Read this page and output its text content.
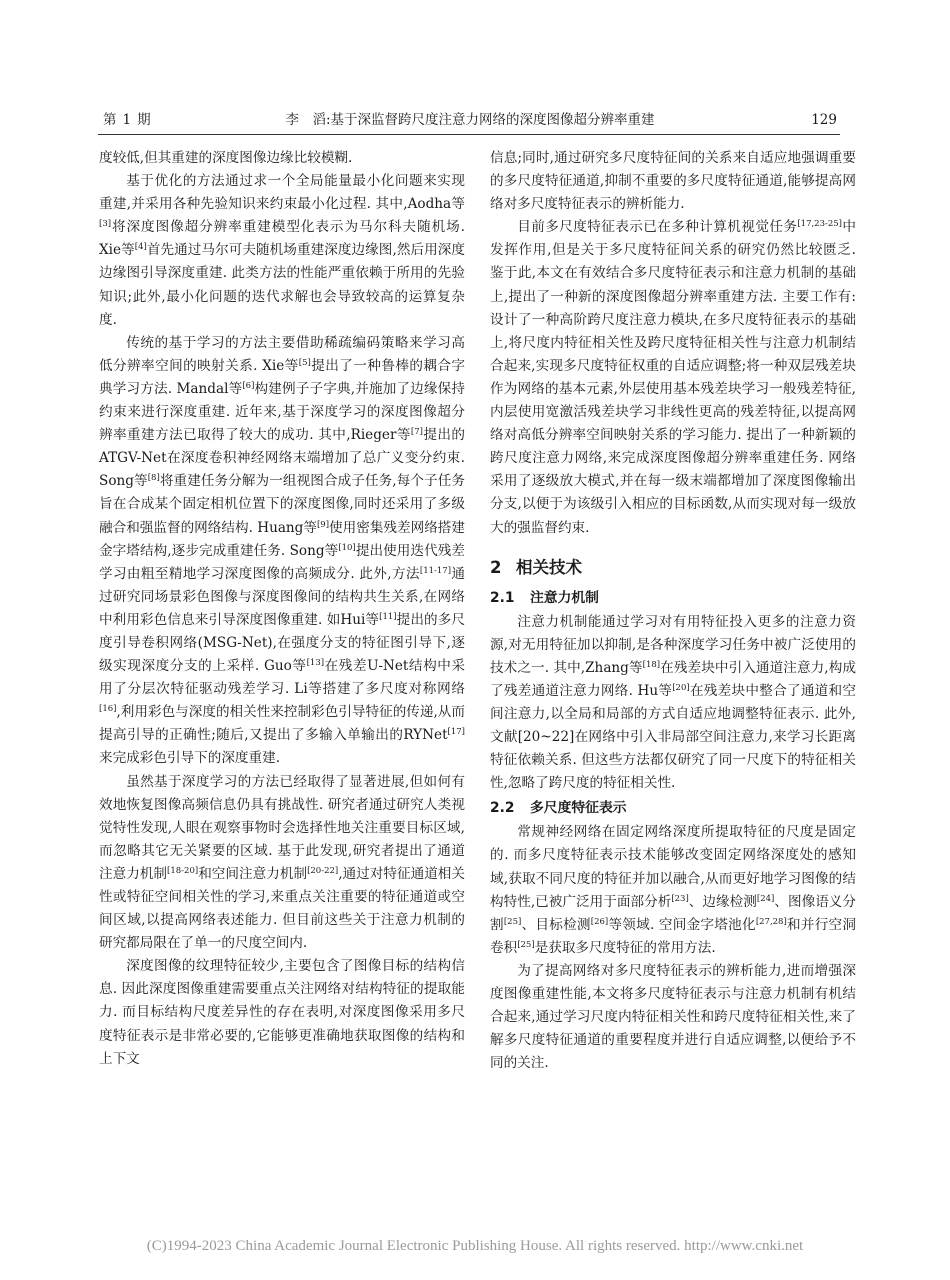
第1期	李　滔:基于深监督跨尺度注意力网络的深度图像超分辨率重建	129

度较低,但其重建的深度图像边缘比较模糊.

基于优化的方法通过求一个全局能量最小化问题来实现重建,并采用各种先验知识来约束最小化过程. 其中,Aodha等[3]将深度图像超分辨率重建模型化表示为马尔科夫随机场. Xie等[4]首先通过马尔可夫随机场重建深度边缘图,然后用深度边缘图引导深度重建. 此类方法的性能严重依赖于所用的先验知识;此外,最小化问题的迭代求解也会导致较高的运算复杂度.

传统的基于学习的方法主要借助稀疏编码策略来学习高低分辨率空间的映射关系. Xie等[5]提出了一种鲁棒的耦合字典学习方法. Mandal等[6]构建例子子字典,并施加了边缘保持约束来进行深度重建. 近年来,基于深度学习的深度图像超分辨率重建方法已取得了较大的成功. 其中,Rieger等[7]提出的ATGV-Net在深度卷积神经网络末端增加了总广义变分约束. Song等[8]将重建任务分解为一组视图合成子任务,每个子任务旨在合成某个固定相机位置下的深度图像,同时还采用了多级融合和强监督的网络结构. Huang等[9]使用密集残差网络搭建金字塔结构,逐步完成重建任务. Song等[10]提出使用迭代残差学习由粗至精地学习深度图像的高频成分. 此外,方法[11-17]通过研究同场景彩色图像与深度图像间的结构共生关系,在网络中利用彩色信息来引导深度图像重建. 如Hui等[11]提出的多尺度引导卷积网络(MSG-Net),在强度分支的特征图引导下,逐级实现深度分支的上采样. Guo等[13]在残差U-Net结构中采用了分层次特征驱动残差学习. Li等搭建了多尺度对称网络[16],利用彩色与深度的相关性来控制彩色引导特征的传递,从而提高引导的正确性;随后,又提出了多输入单输出的RYNet[17]来完成彩色引导下的深度重建.

虽然基于深度学习的方法已经取得了显著进展,但如何有效地恢复图像高频信息仍具有挑战性. 研究者通过研究人类视觉特性发现,人眼在观察事物时会选择性地关注重要目标区域,而忽略其它无关紧要的区域. 基于此发现,研究者提出了通道注意力机制[18-20]和空间注意力机制[20-22],通过对特征通道相关性或特征空间相关性的学习,来重点关注重要的特征通道或空间区域,以提高网络表述能力. 但目前这些关于注意力机制的研究都局限在了单一的尺度空间内.

深度图像的纹理特征较少,主要包含了图像目标的结构信息. 因此深度图像重建需要重点关注网络对结构特征的提取能力. 而目标结构尺度差异性的存在表明,对深度图像采用多尺度特征表示是非常必要的,它能够更准确地获取图像的结构和上下文

信息;同时,通过研究多尺度特征间的关系来自适应地强调重要的多尺度特征通道,抑制不重要的多尺度特征通道,能够提高网络对多尺度特征表示的辨析能力.

目前多尺度特征表示已在多种计算机视觉任务[17,23-25]中发挥作用,但是关于多尺度特征间关系的研究仍然比较匮乏. 鉴于此,本文在有效结合多尺度特征表示和注意力机制的基础上,提出了一种新的深度图像超分辨率重建方法. 主要工作有:设计了一种高阶跨尺度注意力模块,在多尺度特征表示的基础上,将尺度内特征相关性及跨尺度特征相关性与注意力机制结合起来,实现多尺度特征权重的自适应调整;将一种双层残差块作为网络的基本元素,外层使用基本残差块学习一般残差特征,内层使用宽激活残差块学习非线性更高的残差特征,以提高网络对高低分辨率空间映射关系的学习能力. 提出了一种新颖的跨尺度注意力网络,来完成深度图像超分辨率重建任务. 网络采用了逐级放大模式,并在每一级末端都增加了深度图像输出分支,以便于为该级引入相应的目标函数,从而实现对每一级放大的强监督约束.

2 相关技术
2.1 注意力机制

注意力机制能通过学习对有用特征投入更多的注意力资源,对无用特征加以抑制,是各种深度学习任务中被广泛使用的技术之一. 其中,Zhang等[18]在残差块中引入通道注意力,构成了残差通道注意力网络. Hu等[20]在残差块中整合了通道和空间注意力,以全局和局部的方式自适应地调整特征表示. 此外,文献[20~22]在网络中引入非局部空间注意力,来学习长距离特征依赖关系. 但这些方法都仅研究了同一尺度下的特征相关性,忽略了跨尺度的特征相关性.

2.2 多尺度特征表示

常规神经网络在固定网络深度所提取特征的尺度是固定的. 而多尺度特征表示技术能够改变固定网络深度处的感知域,获取不同尺度的特征并加以融合,从而更好地学习图像的结构特性,已被广泛用于面部分析[23]、边缘检测[24]、图像语义分割[25]、目标检测[26]等领域. 空间金字塔池化[27,28]和并行空洞卷积[25]是获取多尺度特征的常用方法.

为了提高网络对多尺度特征表示的辨析能力,进而增强深度图像重建性能,本文将多尺度特征表示与注意力机制有机结合起来,通过学习尺度内特征相关性和跨尺度特征相关性,来了解多尺度特征通道的重要程度并进行自适应调整,以便给予不同的关注.

(C)1994-2023 China Academic Journal Electronic Publishing House. All rights reserved. http://www.cnki.net
